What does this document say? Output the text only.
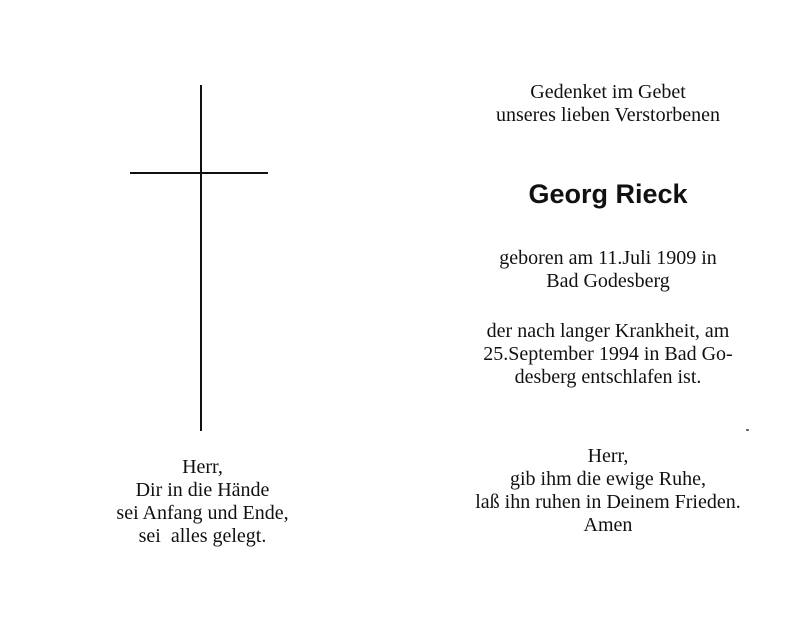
Herr,
Dir in die Hände
sei Anfang und Ende,
sei  alles gelegt.
Gedenket im Gebet
unseres lieben Verstorbenen
Georg Rieck
geboren am 11.Juli 1909 in
Bad Godesberg
der nach langer Krankheit, am
25.September 1994 in Bad Go-
desberg entschlafen ist.
Herr,
gib ihm die ewige Ruhe,
laß ihn ruhen in Deinem Frieden.
Amen
